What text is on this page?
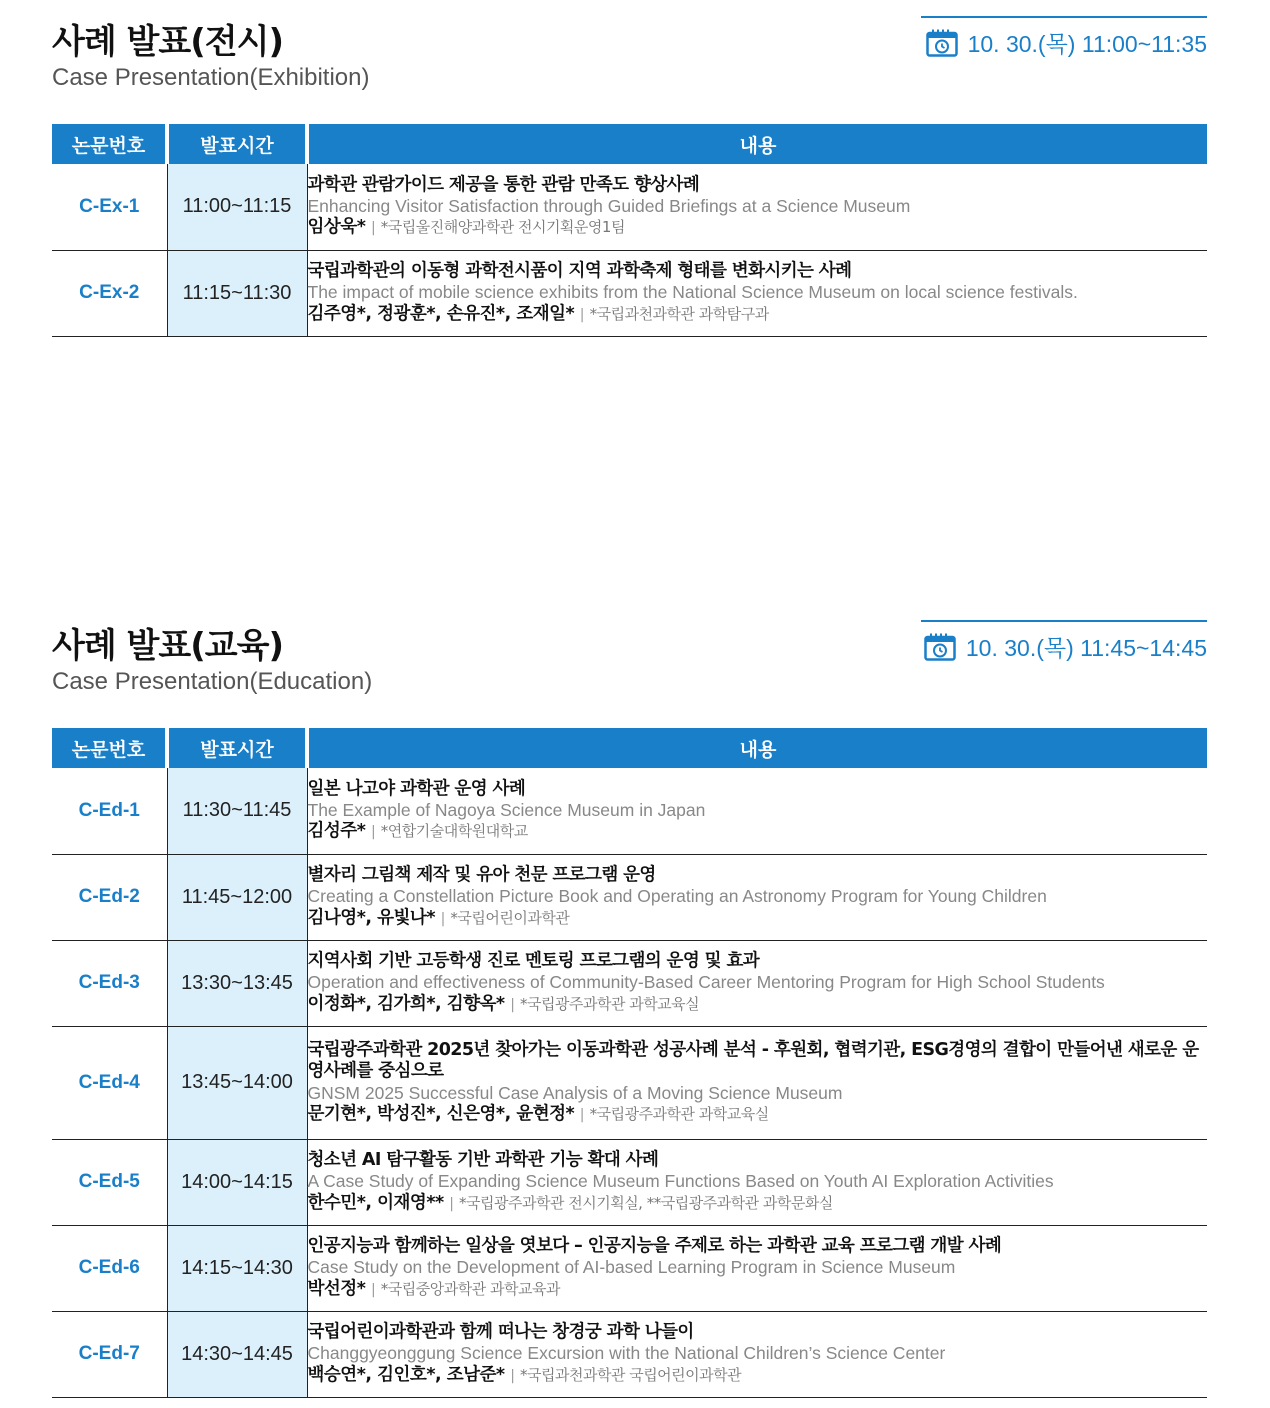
사례 발표(전시)
Case Presentation(Exhibition)
10. 30.(목) 11:00~11:35
논문번호	발표시간	내용
C-Ex-1	11:00~11:15	과학관 관람가이드 제공을 통한 관람 만족도 향상사례
Enhancing Visitor Satisfaction through Guided Briefings at a Science Museum
임상욱* | *국립울진해양과학관 전시기획운영1팀

C-Ex-2	11:15~11:30	국립과학관의 이동형 과학전시품이 지역 과학축제 형태를 변화시키는 사례
The impact of mobile science exhibits from the National Science Museum on local science festivals.
김주영*, 정광훈*, 손유진*, 조재일* | *국립과천과학관 과학탐구과
사례 발표(교육)
Case Presentation(Education)
10. 30.(목) 11:45~14:45
논문번호	발표시간	내용
C-Ed-1	11:30~11:45	일본 나고야 과학관 운영 사례
The Example of Nagoya Science Museum in Japan
김성주* | *연합기술대학원대학교

C-Ed-2	11:45~12:00	별자리 그림책 제작 및 유아 천문 프로그램 운영
Creating a Constellation Picture Book and Operating an Astronomy Program for Young Children
김나영*, 유빛나* | *국립어린이과학관

C-Ed-3	13:30~13:45	지역사회 기반 고등학생 진로 멘토링 프로그램의 운영 및 효과
Operation and effectiveness of Community-Based Career Mentoring Program for High School Students
이정화*, 김가희*, 김향옥* | *국립광주과학관 과학교육실

C-Ed-4	13:45~14:00	국립광주과학관 2025년 찾아가는 이동과학관 성공사례 분석 - 후원회, 협력기관, ESG경영의 결합이 만들어낸 새로운 운영사례를 중심으로
GNSM 2025 Successful Case Analysis of a Moving Science Museum
문기현*, 박성진*, 신은영*, 윤현정* | *국립광주과학관 과학교육실

C-Ed-5	14:00~14:15	청소년 AI 탐구활동 기반 과학관 기능 확대 사례
A Case Study of Expanding Science Museum Functions Based on Youth AI Exploration Activities
한수민*, 이재영** | *국립광주과학관 전시기획실, **국립광주과학관 과학문화실

C-Ed-6	14:15~14:30	인공지능과 함께하는 일상을 엿보다 – 인공지능을 주제로 하는 과학관 교육 프로그램 개발 사례
Case Study on the Development of AI-based Learning Program in Science Museum
박선정* | *국립중앙과학관 과학교육과

C-Ed-7	14:30~14:45	국립어린이과학관과 함께 떠나는 창경궁 과학 나들이
Changgyeonggung Science Excursion with the National Children’s Science Center
백승연*, 김인호*, 조남준* | *국립과천과학관 국립어린이과학관
